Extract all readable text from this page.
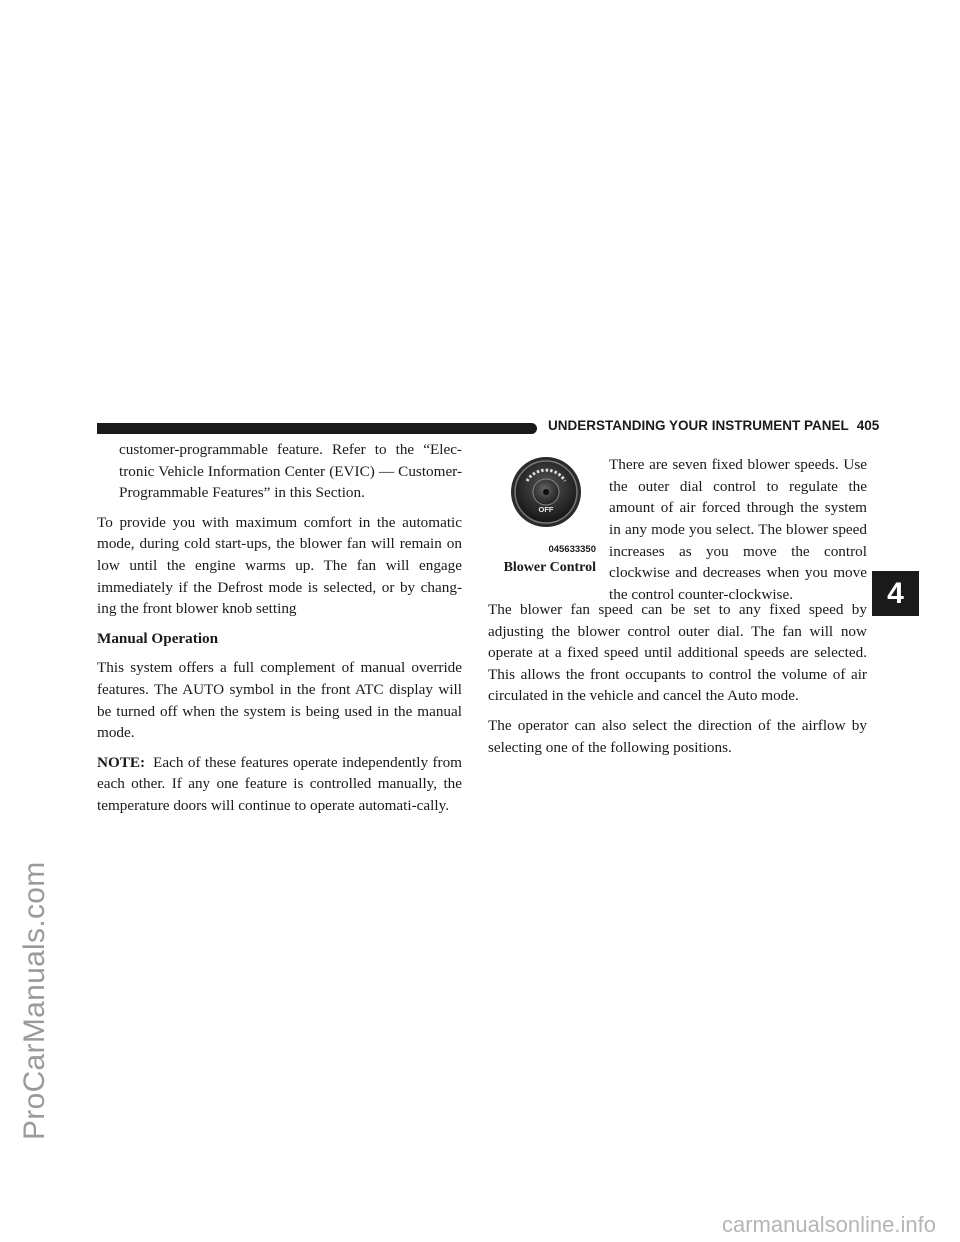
ProCarManuals.com
UNDERSTANDING YOUR INSTRUMENT PANEL 405

customer-programmable feature. Refer to the “Elec-tronic Vehicle Information Center (EVIC) — Customer-Programmable Features” in this Section.

To provide you with maximum comfort in the automatic mode, during cold start-ups, the blower fan will remain on low until the engine warms up. The fan will engage immediately if the Defrost mode is selected, or by chang-ing the front blower knob setting

Manual Operation

This system offers a full complement of manual override features. The AUTO symbol in the front ATC display will be turned off when the system is being used in the manual mode.

NOTE: Each of these features operate independently from each other. If any one feature is controlled manually, the temperature doors will continue to operate automati-cally.

OFF
045633350
Blower Control

There are seven fixed blower speeds. Use the outer dial control to regulate the amount of air forced through the system in any mode you select. The blower speed increases as you move the control clockwise and decreases when you move the control counter-clockwise.

The blower fan speed can be set to any fixed speed by adjusting the blower control outer dial. The fan will now operate at a fixed speed until additional speeds are selected. This allows the front occupants to control the volume of air circulated in the vehicle and cancel the Auto mode.

The operator can also select the direction of the airflow by selecting one of the following positions.

4
carmanualsonline.info
